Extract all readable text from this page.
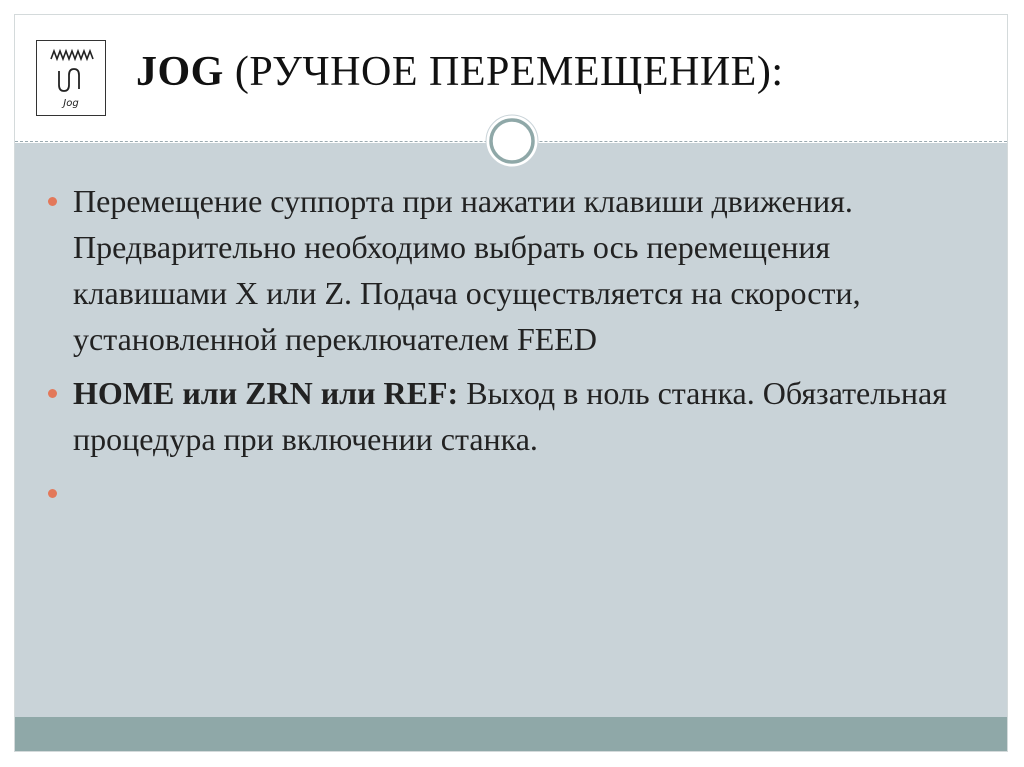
Jog
JOG (РУЧНОЕ ПЕРЕМЕЩЕНИЕ):
Перемещение суппорта при нажатии клавиши движения. Предварительно необходимо выбрать ось перемещения клавишами X или Z. Подача осуществляется на скорости, установленной переключателем FEED
HOME или ZRN или REF: Выход в ноль станка. Обязательная процедура при включении станка.
